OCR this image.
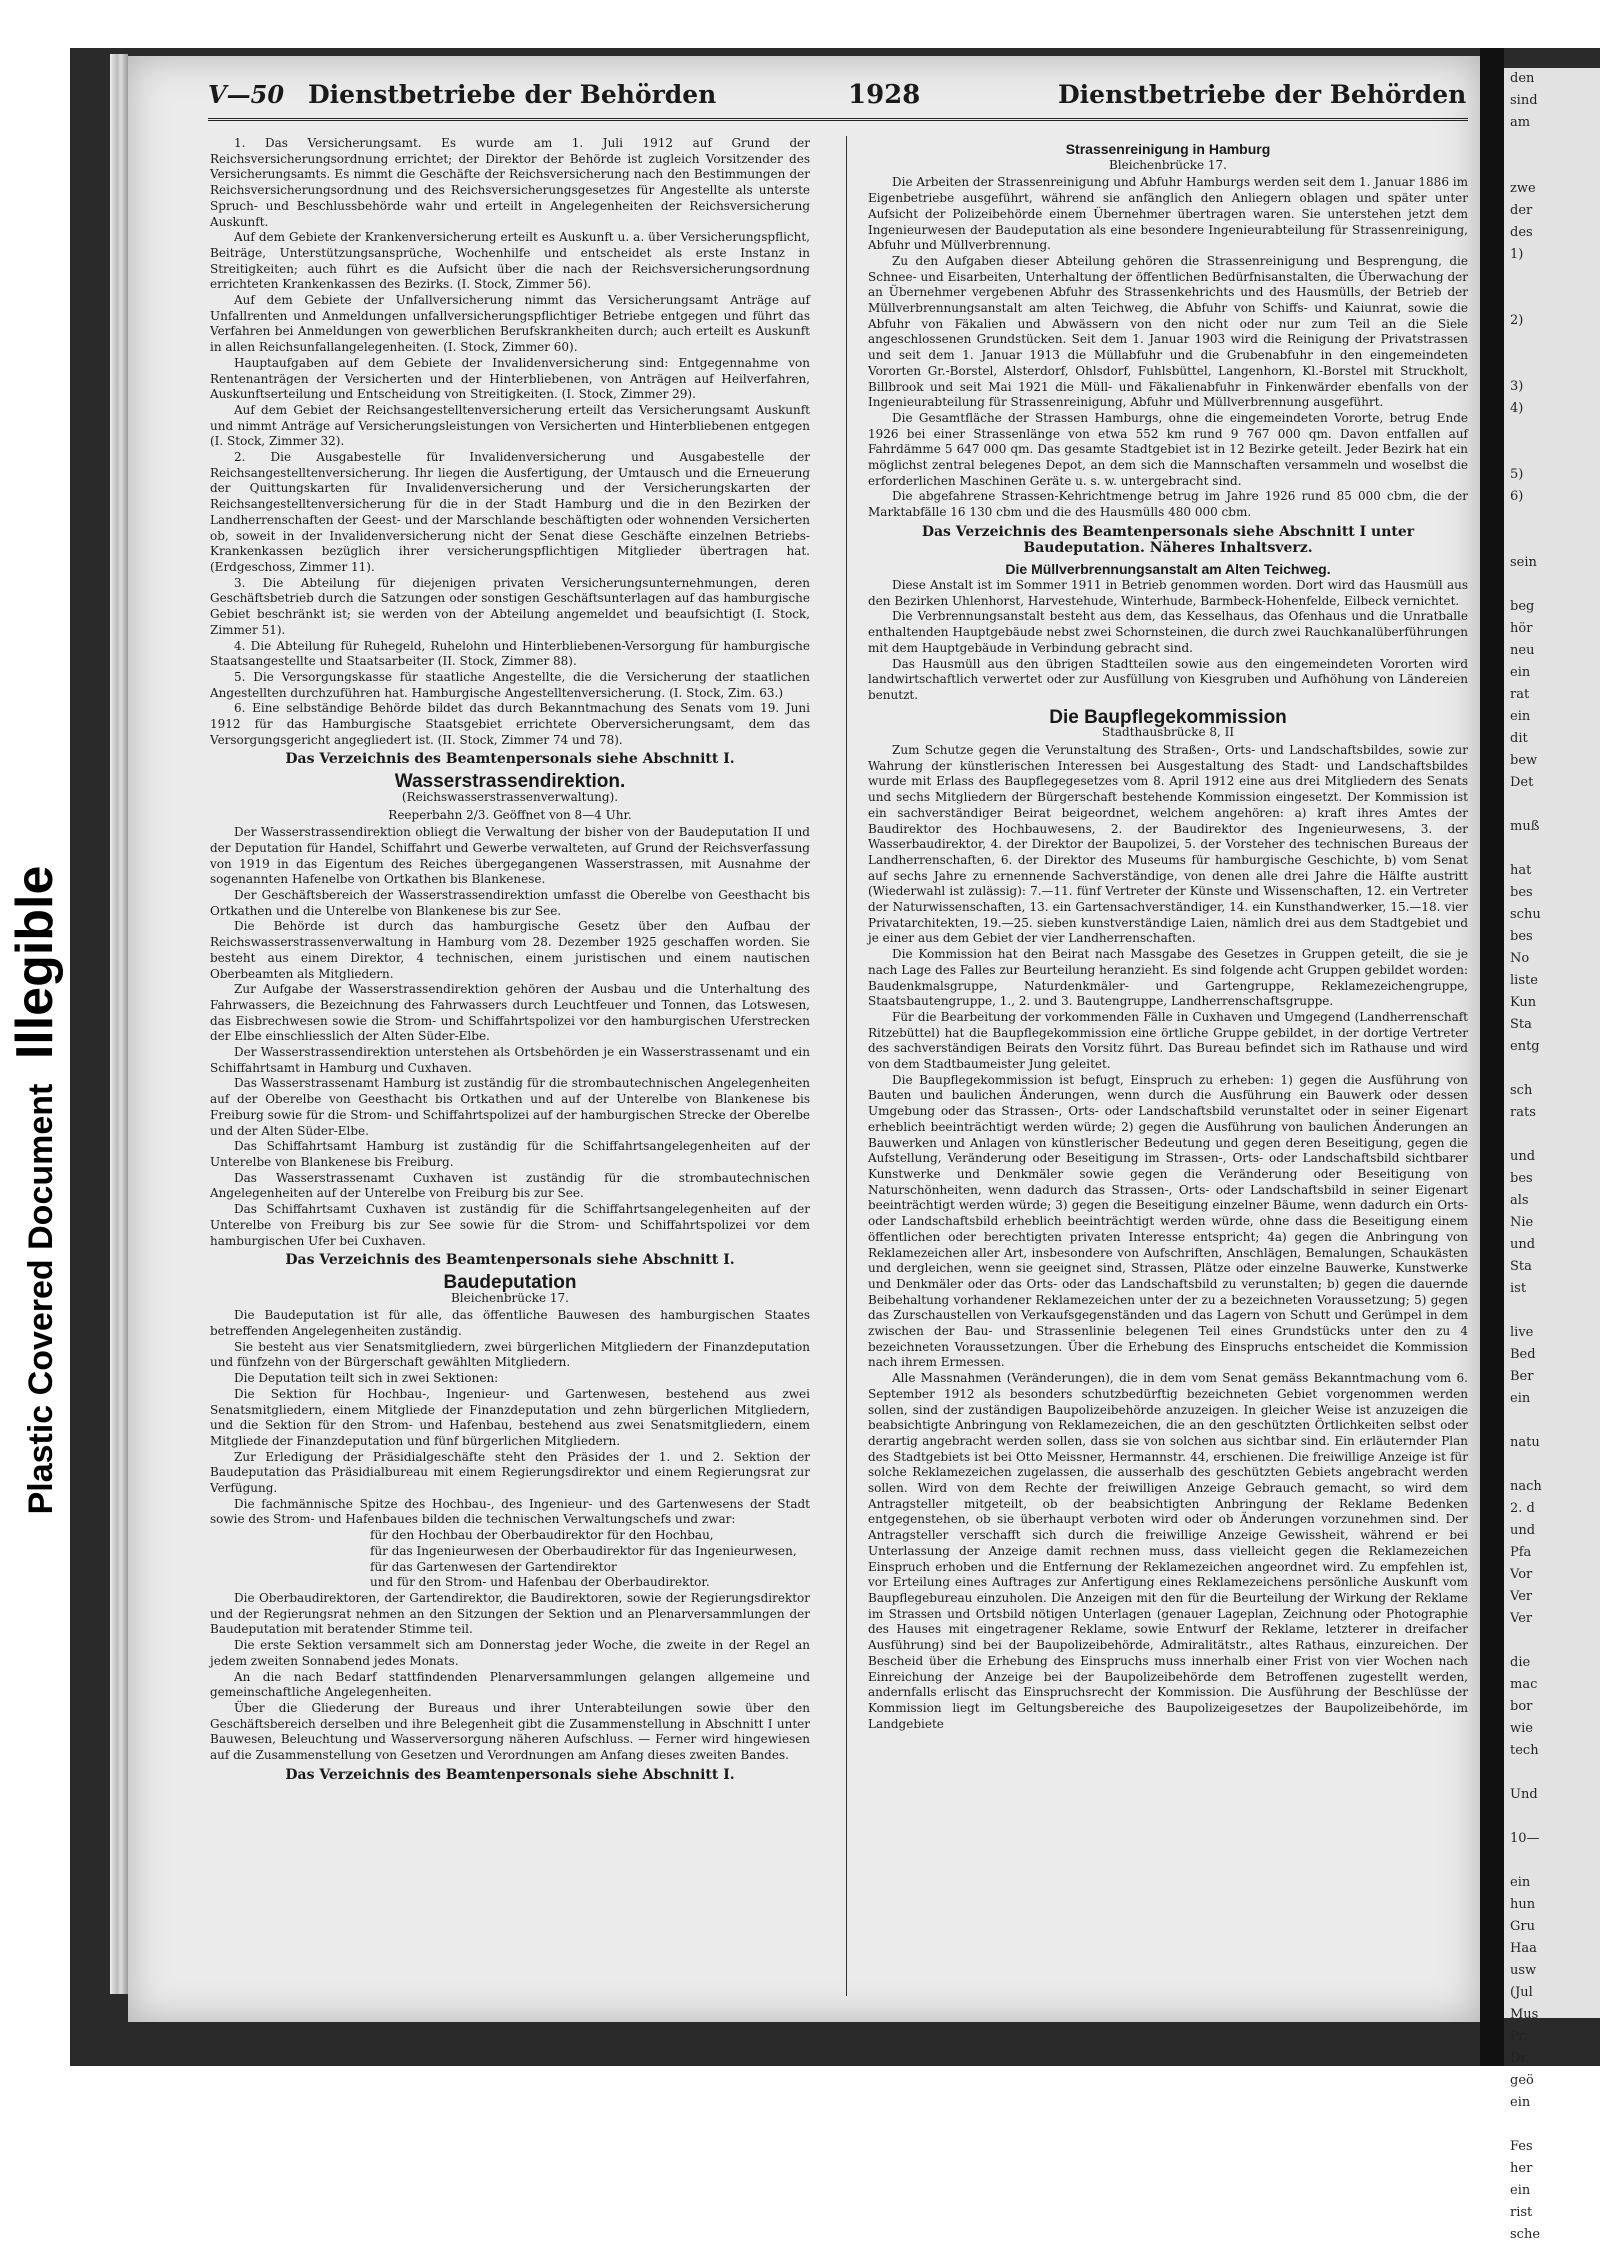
Plastic Covered Document Illegible
V—50 Dienstbetriebe der Behörden	1928	Dienstbetriebe der Behörden

1. Das Versicherungsamt. Es wurde am 1. Juli 1912 auf Grund der Reichsversicherungsordnung errichtet; der Direktor der Behörde ist zugleich Vorsitzender des Versicherungsamts. Es nimmt die Geschäfte der Reichsversicherung nach den Bestimmungen der Reichsversicherungsordnung und des Reichsversicherungsgesetzes für Angestellte als unterste Spruch- und Beschlussbehörde wahr und erteilt in Angelegenheiten der Reichsversicherung Auskunft.

Auf dem Gebiete der Krankenversicherung erteilt es Auskunft u. a. über Versicherungspflicht, Beiträge, Unterstützungsansprüche, Wochenhilfe und entscheidet als erste Instanz in Streitigkeiten; auch führt es die Aufsicht über die nach der Reichsversicherungsordnung errichteten Krankenkassen des Bezirks. (I. Stock, Zimmer 56).

Auf dem Gebiete der Unfallversicherung nimmt das Versicherungsamt Anträge auf Unfallrenten und Anmeldungen unfallversicherungspflichtiger Betriebe entgegen und führt das Verfahren bei Anmeldungen von gewerblichen Berufskrankheiten durch; auch erteilt es Auskunft in allen Reichsunfallangelegenheiten. (I. Stock, Zimmer 60).

Hauptaufgaben auf dem Gebiete der Invalidenversicherung sind: Entgegennahme von Rentenanträgen der Versicherten und der Hinterbliebenen, von Anträgen auf Heilverfahren, Auskunftserteilung und Entscheidung von Streitigkeiten. (I. Stock, Zimmer 29).

Auf dem Gebiet der Reichsangestelltenversicherung erteilt das Versicherungsamt Auskunft und nimmt Anträge auf Versicherungsleistungen von Versicherten und Hinterbliebenen entgegen (I. Stock, Zimmer 32).

2. Die Ausgabestelle für Invalidenversicherung und Ausgabestelle der Reichsangestelltenversicherung. Ihr liegen die Ausfertigung, der Umtausch und die Erneuerung der Quittungskarten für Invalidenversicherung und der Versicherungskarten der Reichsangestelltenversicherung für die in der Stadt Hamburg und die in den Bezirken der Landherrenschaften der Geest- und der Marschlande beschäftigten oder wohnenden Versicherten ob, soweit in der Invalidenversicherung nicht der Senat diese Geschäfte einzelnen Betriebs-Krankenkassen bezüglich ihrer versicherungspflichtigen Mitglieder übertragen hat. (Erdgeschoss, Zimmer 11).

3. Die Abteilung für diejenigen privaten Versicherungsunternehmungen, deren Geschäftsbetrieb durch die Satzungen oder sonstigen Geschäftsunterlagen auf das hamburgische Gebiet beschränkt ist; sie werden von der Abteilung angemeldet und beaufsichtigt (I. Stock, Zimmer 51).

4. Die Abteilung für Ruhegeld, Ruhelohn und Hinterbliebenen-Versorgung für hamburgische Staatsangestellte und Staatsarbeiter (II. Stock, Zimmer 88).

5. Die Versorgungskasse für staatliche Angestellte, die die Versicherung der staatlichen Angestellten durchzuführen hat. Hamburgische Angestelltenversicherung. (I. Stock, Zim. 63.)

6. Eine selbständige Behörde bildet das durch Bekanntmachung des Senats vom 19. Juni 1912 für das Hamburgische Staatsgebiet errichtete Oberversicherungsamt, dem das Versorgungsgericht angegliedert ist. (II. Stock, Zimmer 74 und 78).

Das Verzeichnis des Beamtenpersonals siehe Abschnitt I.
Wasserstrassendirektion.
(Reichswasserstrassenverwaltung).
Reeperbahn 2/3. Geöffnet von 8—4 Uhr.

Der Wasserstrassendirektion obliegt die Verwaltung der bisher von der Baudeputation II und der Deputation für Handel, Schiffahrt und Gewerbe verwalteten, auf Grund der Reichsverfassung von 1919 in das Eigentum des Reiches übergegangenen Wasserstrassen, mit Ausnahme der sogenannten Hafenelbe von Ortkathen bis Blankenese.

Der Geschäftsbereich der Wasserstrassendirektion umfasst die Oberelbe von Geesthacht bis Ortkathen und die Unterelbe von Blankenese bis zur See.

Die Behörde ist durch das hamburgische Gesetz über den Aufbau der Reichswasserstrassenverwaltung in Hamburg vom 28. Dezember 1925 geschaffen worden. Sie besteht aus einem Direktor, 4 technischen, einem juristischen und einem nautischen Oberbeamten als Mitgliedern.

Zur Aufgabe der Wasserstrassendirektion gehören der Ausbau und die Unterhaltung des Fahrwassers, die Bezeichnung des Fahrwassers durch Leuchtfeuer und Tonnen, das Lotswesen, das Eisbrechwesen sowie die Strom- und Schiffahrtspolizei vor den hamburgischen Uferstrecken der Elbe einschliesslich der Alten Süder-Elbe.

Der Wasserstrassendirektion unterstehen als Ortsbehörden je ein Wasserstrassenamt und ein Schiffahrtsamt in Hamburg und Cuxhaven.

Das Wasserstrassenamt Hamburg ist zuständig für die strombautechnischen Angelegenheiten auf der Oberelbe von Geesthacht bis Ortkathen und auf der Unterelbe von Blankenese bis Freiburg sowie für die Strom- und Schiffahrtspolizei auf der hamburgischen Strecke der Oberelbe und der Alten Süder-Elbe.

Das Schiffahrtsamt Hamburg ist zuständig für die Schiffahrtsangelegenheiten auf der Unterelbe von Blankenese bis Freiburg.

Das Wasserstrassenamt Cuxhaven ist zuständig für die strombautechnischen Angelegenheiten auf der Unterelbe von Freiburg bis zur See.

Das Schiffahrtsamt Cuxhaven ist zuständig für die Schiffahrtsangelegenheiten auf der Unterelbe von Freiburg bis zur See sowie für die Strom- und Schiffahrtspolizei vor dem hamburgischen Ufer bei Cuxhaven.

Das Verzeichnis des Beamtenpersonals siehe Abschnitt I.
Baudeputation
Bleichenbrücke 17.

Die Baudeputation ist für alle, das öffentliche Bauwesen des hamburgischen Staates betreffenden Angelegenheiten zuständig.

Sie besteht aus vier Senatsmitgliedern, zwei bürgerlichen Mitgliedern der Finanzdeputation und fünfzehn von der Bürgerschaft gewählten Mitgliedern.

Die Deputation teilt sich in zwei Sektionen:

Die Sektion für Hochbau-, Ingenieur- und Gartenwesen, bestehend aus zwei Senatsmitgliedern, einem Mitgliede der Finanzdeputation und zehn bürgerlichen Mitgliedern, und die Sektion für den Strom- und Hafenbau, bestehend aus zwei Senatsmitgliedern, einem Mitgliede der Finanzdeputation und fünf bürgerlichen Mitgliedern.

Zur Erledigung der Präsidialgeschäfte steht den Präsides der 1. und 2. Sektion der Baudeputation das Präsidialbureau mit einem Regierungsdirektor und einem Regierungsrat zur Verfügung.

Die fachmännische Spitze des Hochbau-, des Ingenieur- und des Gartenwesens der Stadt sowie des Strom- und Hafenbaues bilden die technischen Verwaltungschefs und zwar:

für den Hochbau der Oberbaudirektor für den Hochbau,
für das Ingenieurwesen der Oberbaudirektor für das Ingenieurwesen,
für das Gartenwesen der Gartendirektor
und für den Strom- und Hafenbau der Oberbaudirektor.

Die Oberbaudirektoren, der Gartendirektor, die Baudirektoren, sowie der Regierungsdirektor und der Regierungsrat nehmen an den Sitzungen der Sektion und an Plenarversammlungen der Baudeputation mit beratender Stimme teil.

Die erste Sektion versammelt sich am Donnerstag jeder Woche, die zweite in der Regel an jedem zweiten Sonnabend jedes Monats.

An die nach Bedarf stattfindenden Plenarversammlungen gelangen allgemeine und gemeinschaftliche Angelegenheiten.

Über die Gliederung der Bureaus und ihrer Unterabteilungen sowie über den Geschäftsbereich derselben und ihre Belegenheit gibt die Zusammenstellung in Abschnitt I unter Bauwesen, Beleuchtung und Wasserversorgung näheren Aufschluss. — Ferner wird hingewiesen auf die Zusammenstellung von Gesetzen und Verordnungen am Anfang dieses zweiten Bandes.

Das Verzeichnis des Beamtenpersonals siehe Abschnitt I.
Strassenreinigung in Hamburg
Bleichenbrücke 17.

Die Arbeiten der Strassenreinigung und Abfuhr Hamburgs werden seit dem 1. Januar 1886 im Eigenbetriebe ausgeführt, während sie anfänglich den Anliegern oblagen und später unter Aufsicht der Polizeibehörde einem Übernehmer übertragen waren. Sie unterstehen jetzt dem Ingenieurwesen der Baudeputation als eine besondere Ingenieurabteilung für Strassenreinigung, Abfuhr und Müllverbrennung.

Zu den Aufgaben dieser Abteilung gehören die Strassenreinigung und Besprengung, die Schnee- und Eisarbeiten, Unterhaltung der öffentlichen Bedürfnisanstalten, die Überwachung der an Übernehmer vergebenen Abfuhr des Strassenkehrichts und des Hausmülls, der Betrieb der Müllverbrennungsanstalt am alten Teichweg, die Abfuhr von Schiffs- und Kaiunrat, sowie die Abfuhr von Fäkalien und Abwässern von den nicht oder nur zum Teil an die Siele angeschlossenen Grundstücken. Seit dem 1. Januar 1903 wird die Reinigung der Privatstrassen und seit dem 1. Januar 1913 die Müllabfuhr und die Grubenabfuhr in den eingemeindeten Vororten Gr.-Borstel, Alsterdorf, Ohlsdorf, Fuhlsbüttel, Langenhorn, Kl.-Borstel mit Struckholt, Billbrook und seit Mai 1921 die Müll- und Fäkalienabfuhr in Finkenwärder ebenfalls von der Ingenieurabteilung für Strassenreinigung, Abfuhr und Müllverbrennung ausgeführt.

Die Gesamtfläche der Strassen Hamburgs, ohne die eingemeindeten Vororte, betrug Ende 1926 bei einer Strassenlänge von etwa 552 km rund 9 767 000 qm. Davon entfallen auf Fahrdämme 5 647 000 qm. Das gesamte Stadtgebiet ist in 12 Bezirke geteilt. Jeder Bezirk hat ein möglichst zentral belegenes Depot, an dem sich die Mannschaften versammeln und woselbst die erforderlichen Maschinen Geräte u. s. w. untergebracht sind.

Die abgefahrene Strassen-Kehrichtmenge betrug im Jahre 1926 rund 85 000 cbm, die der Marktabfälle 16 130 cbm und die des Hausmülls 480 000 cbm.

Das Verzeichnis des Beamtenpersonals siehe Abschnitt I unter Baudeputation. Näheres Inhaltsverz.
Die Müllverbrennungsanstalt am Alten Teichweg.

Diese Anstalt ist im Sommer 1911 in Betrieb genommen worden. Dort wird das Hausmüll aus den Bezirken Uhlenhorst, Harvestehude, Winterhude, Barmbeck-Hohenfelde, Eilbeck vernichtet.

Die Verbrennungsanstalt besteht aus dem, das Kesselhaus, das Ofenhaus und die Unratballe enthaltenden Hauptgebäude nebst zwei Schornsteinen, die durch zwei Rauchkanalüberführungen mit dem Hauptgebäude in Verbindung gebracht sind.

Das Hausmüll aus den übrigen Stadtteilen sowie aus den eingemeindeten Vororten wird landwirtschaftlich verwertet oder zur Ausfüllung von Kiesgruben und Aufhöhung von Ländereien benutzt.

Die Baupflegekommission
Stadthausbrücke 8, II

Zum Schutze gegen die Verunstaltung des Straßen-, Orts- und Landschaftsbildes, sowie zur Wahrung der künstlerischen Interessen bei Ausgestaltung des Stadt- und Landschaftsbildes wurde mit Erlass des Baupflegegesetzes vom 8. April 1912 eine aus drei Mitgliedern des Senats und sechs Mitgliedern der Bürgerschaft bestehende Kommission eingesetzt. Der Kommission ist ein sachverständiger Beirat beigeordnet, welchem angehören: a) kraft ihres Amtes der Baudirektor des Hochbauwesens, 2. der Baudirektor des Ingenieurwesens, 3. der Wasserbaudirektor, 4. der Direktor der Baupolizei, 5. der Vorsteher des technischen Bureaus der Landherrenschaften, 6. der Direktor des Museums für hamburgische Geschichte, b) vom Senat auf sechs Jahre zu ernennende Sachverständige, von denen alle drei Jahre die Hälfte austritt (Wiederwahl ist zulässig): 7.—11. fünf Vertreter der Künste und Wissenschaften, 12. ein Vertreter der Naturwissenschaften, 13. ein Gartensachverständiger, 14. ein Kunsthandwerker, 15.—18. vier Privatarchitekten, 19.—25. sieben kunstverständige Laien, nämlich drei aus dem Stadtgebiet und je einer aus dem Gebiet der vier Landherrenschaften.

Die Kommission hat den Beirat nach Massgabe des Gesetzes in Gruppen geteilt, die sie je nach Lage des Falles zur Beurteilung heranzieht. Es sind folgende acht Gruppen gebildet worden: Baudenkmalsgruppe, Naturdenkmäler- und Gartengruppe, Reklamezeichengruppe, Staatsbautengruppe, 1., 2. und 3. Bautengruppe, Landherrenschaftsgruppe.

Für die Bearbeitung der vorkommenden Fälle in Cuxhaven und Umgegend (Landherrenschaft Ritzebüttel) hat die Baupflegekommission eine örtliche Gruppe gebildet, in der dortige Vertreter des sachverständigen Beirats den Vorsitz führt. Das Bureau befindet sich im Rathause und wird von dem Stadtbaumeister Jung geleitet.

Die Baupflegekommission ist befugt, Einspruch zu erheben: 1) gegen die Ausführung von Bauten und baulichen Änderungen, wenn durch die Ausführung ein Bauwerk oder dessen Umgebung oder das Strassen-, Orts- oder Landschaftsbild verunstaltet oder in seiner Eigenart erheblich beeinträchtigt werden würde; 2) gegen die Ausführung von baulichen Änderungen an Bauwerken und Anlagen von künstlerischer Bedeutung und gegen deren Beseitigung, gegen die Aufstellung, Veränderung oder Beseitigung im Strassen-, Orts- oder Landschaftsbild sichtbarer Kunstwerke und Denkmäler sowie gegen die Veränderung oder Beseitigung von Naturschönheiten, wenn dadurch das Strassen-, Orts- oder Landschaftsbild in seiner Eigenart beeinträchtigt werden würde; 3) gegen die Beseitigung einzelner Bäume, wenn dadurch ein Orts- oder Landschaftsbild erheblich beeinträchtigt werden würde, ohne dass die Beseitigung einem öffentlichen oder berechtigten privaten Interesse entspricht; 4a) gegen die Anbringung von Reklamezeichen aller Art, insbesondere von Aufschriften, Anschlägen, Bemalungen, Schaukästen und dergleichen, wenn sie geeignet sind, Strassen, Plätze oder einzelne Bauwerke, Kunstwerke und Denkmäler oder das Orts- oder das Landschaftsbild zu verunstalten; b) gegen die dauernde Beibehaltung vorhandener Reklamezeichen unter der zu a bezeichneten Voraussetzung; 5) gegen das Zurschaustellen von Verkaufsgegenständen und das Lagern von Schutt und Gerümpel in dem zwischen der Bau- und Strassenlinie belegenen Teil eines Grundstücks unter den zu 4 bezeichneten Voraussetzungen. Über die Erhebung des Einspruchs entscheidet die Kommission nach ihrem Ermessen.

Alle Massnahmen (Veränderungen), die in dem vom Senat gemäss Bekanntmachung vom 6. September 1912 als besonders schutzbedürftig bezeichneten Gebiet vorgenommen werden sollen, sind der zuständigen Baupolizeibehörde anzuzeigen. In gleicher Weise ist anzuzeigen die beabsichtigte Anbringung von Reklamezeichen, die an den geschützten Örtlichkeiten selbst oder derartig angebracht werden sollen, dass sie von solchen aus sichtbar sind. Ein erläuternder Plan des Stadtgebiets ist bei Otto Meissner, Hermannstr. 44, erschienen. Die freiwillige Anzeige ist für solche Reklamezeichen zugelassen, die ausserhalb des geschützten Gebiets angebracht werden sollen. Wird von dem Rechte der freiwilligen Anzeige Gebrauch gemacht, so wird dem Antragsteller mitgeteilt, ob der beabsichtigten Anbringung der Reklame Bedenken entgegenstehen, ob sie überhaupt verboten wird oder ob Änderungen vorzunehmen sind. Der Antragsteller verschafft sich durch die freiwillige Anzeige Gewissheit, während er bei Unterlassung der Anzeige damit rechnen muss, dass vielleicht gegen die Reklamezeichen Einspruch erhoben und die Entfernung der Reklamezeichen angeordnet wird. Zu empfehlen ist, vor Erteilung eines Auftrages zur Anfertigung eines Reklamezeichens persönliche Auskunft vom Baupflegebureau einzuholen. Die Anzeigen mit den für die Beurteilung der Wirkung der Reklame im Strassen und Ortsbild nötigen Unterlagen (genauer Lageplan, Zeichnung oder Photographie des Hauses mit eingetragener Reklame, sowie Entwurf der Reklame, letzterer in dreifacher Ausführung) sind bei der Baupolizeibehörde, Admiralitätstr., altes Rathaus, einzureichen. Der Bescheid über die Erhebung des Einspruchs muss innerhalb einer Frist von vier Wochen nach Einreichung der Anzeige bei der Baupolizeibehörde dem Betroffenen zugestellt werden, andernfalls erlischt das Einspruchsrecht der Kommission. Die Ausführung der Beschlüsse der Kommission liegt im Geltungsbereiche des Baupolizeigesetzes der Baupolizeibehörde, im Landgebiete

den
sind
am

zwe
der
des
1)

2)

3)
4)

5)
6)

sein

beg
hör
neu
ein
rat
ein
dit
bew
Det

muß

hat
bes
schu
bes
No
liste
Kun
Sta
entg

sch
rats

und
bes
als
Nie
und
Sta
ist

live
Bed
Ber
ein

natu

nach
2. d
und
Pfa
Vor
Ver
Ver

die
mac
bor
wie
tech

Und

10—

ein
hun
Gru
Haa
usw
(Jul
Mus
Pr.
Dr.
geö
ein

Fes
her
ein
rist
sche
